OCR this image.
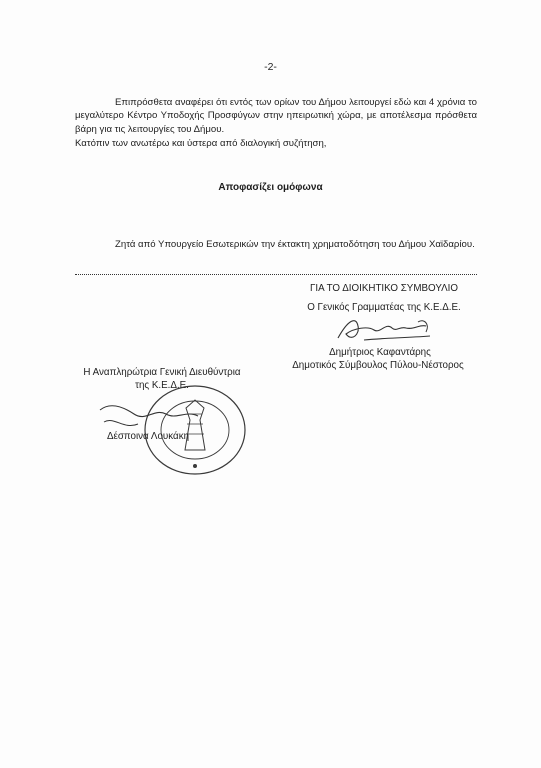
-2-
Επιπρόσθετα αναφέρει ότι εντός των ορίων του Δήμου λειτουργεί εδώ και 4 χρόνια το μεγαλύτερο Κέντρο Υποδοχής Προσφύγων στην ηπειρωτική χώρα, με αποτέλεσμα πρόσθετα βάρη για τις λειτουργίες του Δήμου.
Κατόπιν των ανωτέρω και ύστερα από διαλογική συζήτηση,
Αποφασίζει ομόφωνα
Ζητά από Υπουργείο Εσωτερικών την έκτακτη χρηματοδότηση του Δήμου Χαϊδαρίου.
ΓΙΑ ΤΟ ΔΙΟΙΚΗΤΙΚΟ ΣΥΜΒΟΥΛΙΟ
Ο Γενικός Γραμματέας της Κ.Ε.Δ.Ε.
Δημήτριος Καφαντάρης
Δημοτικός Σύμβουλος Πύλου-Νέστορος
Η Αναπληρώτρια Γενική Διευθύντρια
της Κ.Ε.Δ.Ε.
Δέσποινα Λουκάκη
